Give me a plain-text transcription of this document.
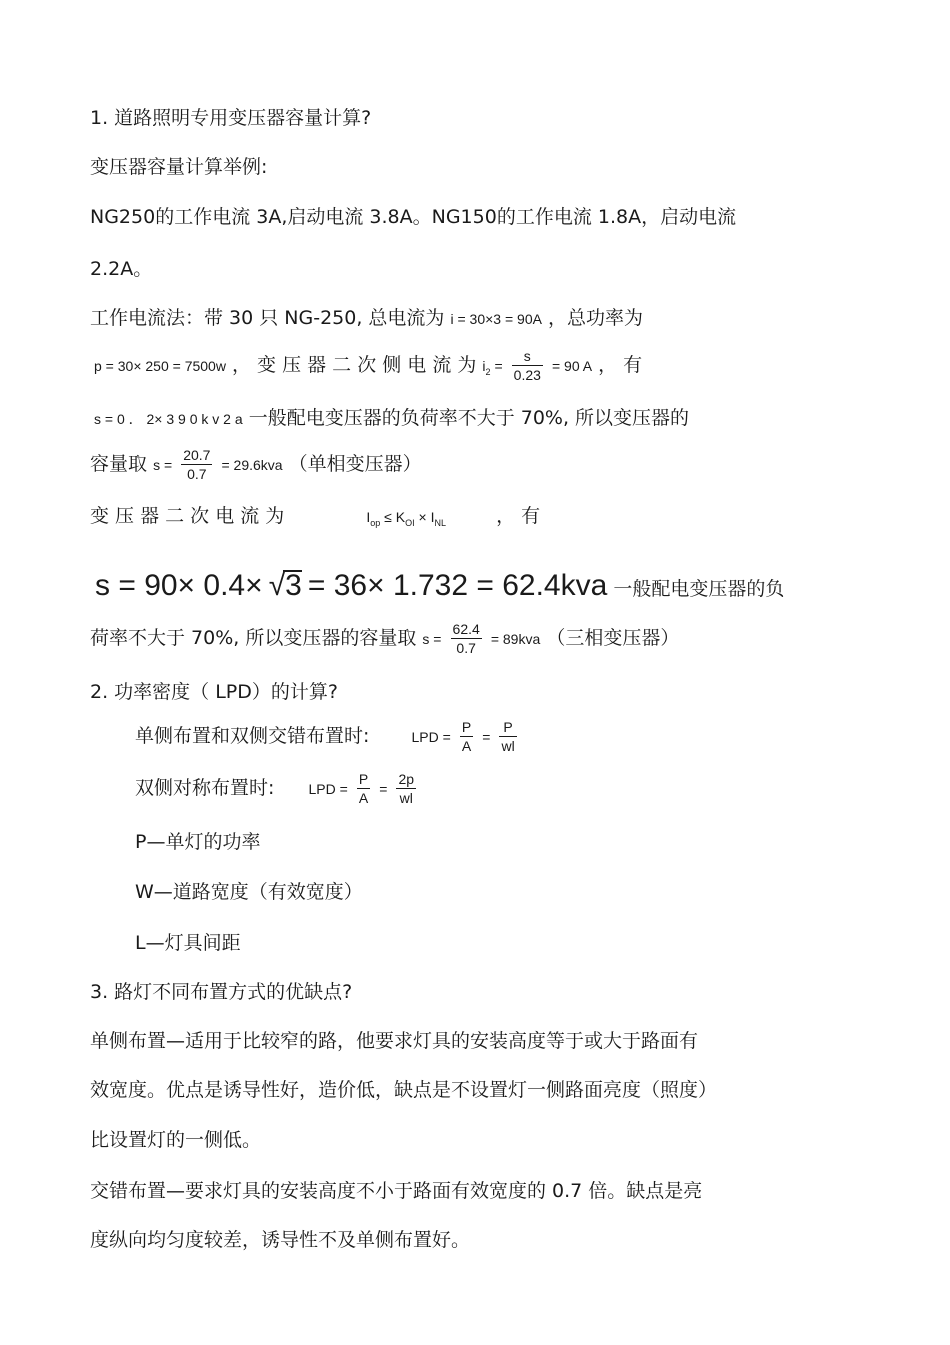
1. 道路照明专用变压器容量计算?
变压器容量计算举例:
NG250的工作电流 3A,启动电流 3.8A。NG150的工作电流 1.8A，启动电流
2.2A。
工作电流法：带 30 只 NG-250, 总电流为 i = 30×3 = 90A ，总功率为
p = 30× 250 = 7500w ， 变 压 器 二 次 侧 电 流 为 $i_2 = \frac{s}{0.23} = 90$ A ， 有
s = 0 ． 2× 3 9 0 k v 2 a 一般配电变压器的负荷率不大于 70%, 所以变压器的
容量取 $s = \frac{20.7}{0.7} = 29.6kva$ （单相变压器）
变 压 器 二 次 电 流 为	$I_{op} \le K_{OI} \times I_{NL}$	， 有
s = 90× 0.4× √3 = 36× 1.732 = 62.4kva 一般配电变压器的负
荷率不大于 70%, 所以变压器的容量取 $s = \frac{62.4}{0.7} = 89kva$ （三相变压器）
2. 功率密度（ LPD）的计算?
单侧布置和双侧交错布置时:	LPD = $\frac{P}{A} = \frac{P}{wl}$
双侧对称布置时: LPD = $\frac{P}{A} = \frac{2p}{wl}$
P—单灯的功率
W—道路宽度（有效宽度）
L—灯具间距
3. 路灯不同布置方式的优缺点?
单侧布置—适用于比较窄的路，他要求灯具的安装高度等于或大于路面有
效宽度。优点是诱导性好，造价低，缺点是不设置灯一侧路面亮度（照度）
比设置灯的一侧低。
交错布置—要求灯具的安装高度不小于路面有效宽度的 0.7 倍。缺点是亮
度纵向均匀度较差，诱导性不及单侧布置好。
